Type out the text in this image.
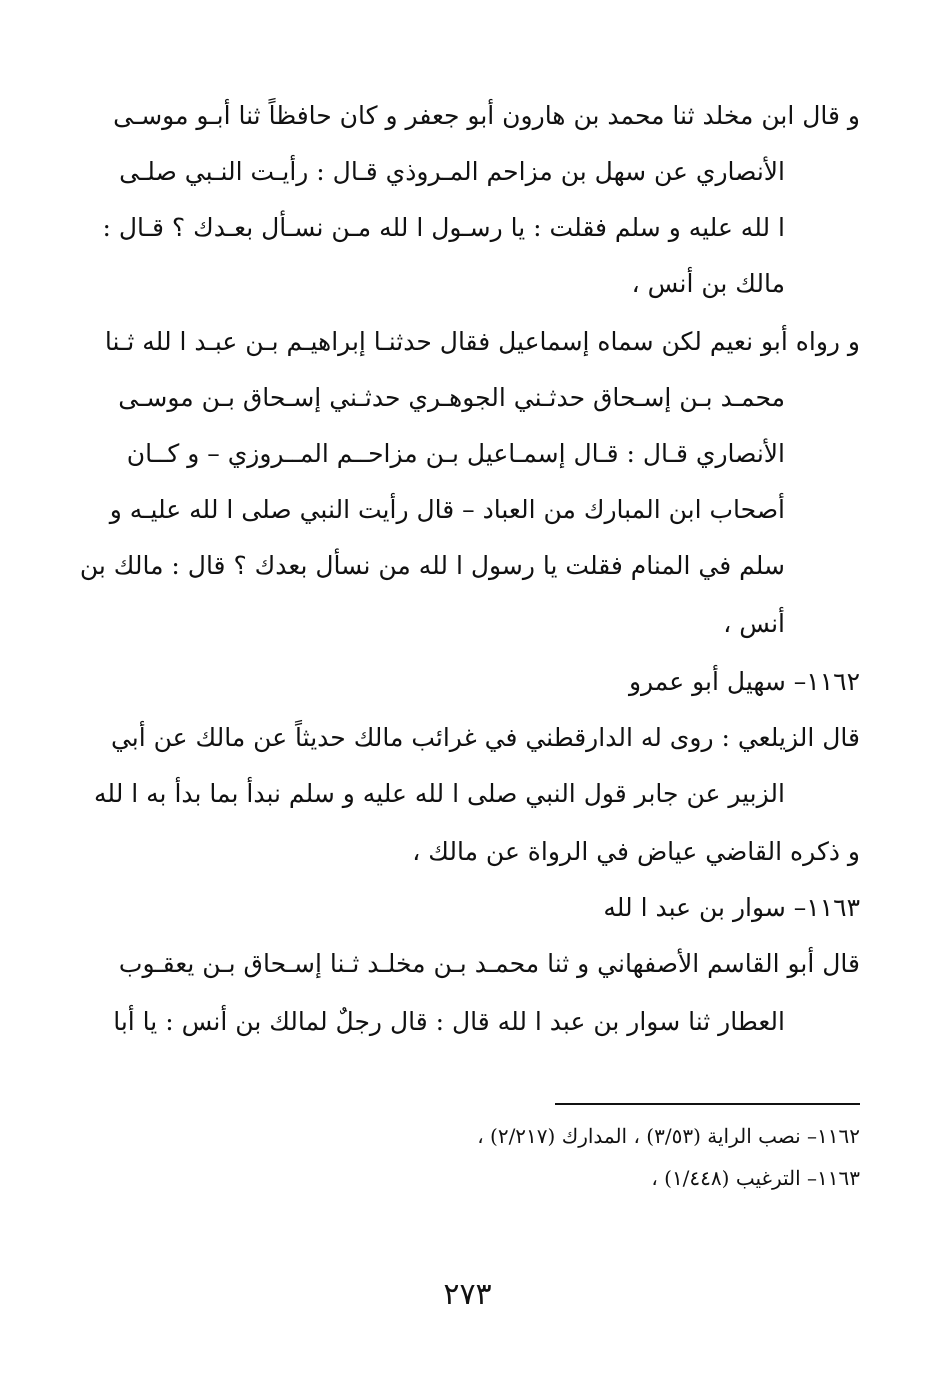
و قال ابن مخلد ثنا محمد بن هارون أبو جعفر و كان حافظاً ثنا أبـو موسـى
الأنصاري عن سهل بن مزاحم المـروذي قـال : رأيـت النـبي صلـى
ا لله عليه و سلم فقلت : يا رسـول ا لله مـن نسـأل بعـدك ؟ قـال :
مالك بن أنس ،
و رواه أبو نعيم لكن سماه إسماعيل فقال حدثنـا إبراهيـم بـن عبـد ا لله ثـنا
محمـد بـن إسـحاق حدثـني الجوهـري حدثـني إسـحاق بـن موسـى
الأنصاري قـال : قـال إسمـاعيل بـن مزاحــم المــروزي – و كــان
أصحاب ابن المبارك من العباد – قال رأيت النبي صلى ا لله عليـه و
سلم في المنام فقلت يا رسول ا لله من نسأل بعدك ؟ قال : مالك بن
أنس ،
١١٦٢– سهيل أبو عمرو
قال الزيلعي : روى له الدارقطني في غرائب مالك حديثاً عن مالك عن أبي
الزبير عن جابر قول النبي صلى ا لله عليه و سلم نبدأ بما بدأ به ا لله
و ذكره القاضي عياض في الرواة عن مالك ،
١١٦٣– سوار بن عبد ا لله
قال أبو القاسم الأصفهاني و ثنا محمـد بـن مخلـد ثـنا إسـحاق بـن يعقـوب
العطار ثنا سوار بن عبد ا لله قال : قال رجلٌ لمالك بن أنس : يا أبا
١١٦٢– نصب الراية (٣/٥٣) ، المدارك (٢/٢١٧) ،
١١٦٣– الترغيب (١/٤٤٨) ،
٢٧٣
